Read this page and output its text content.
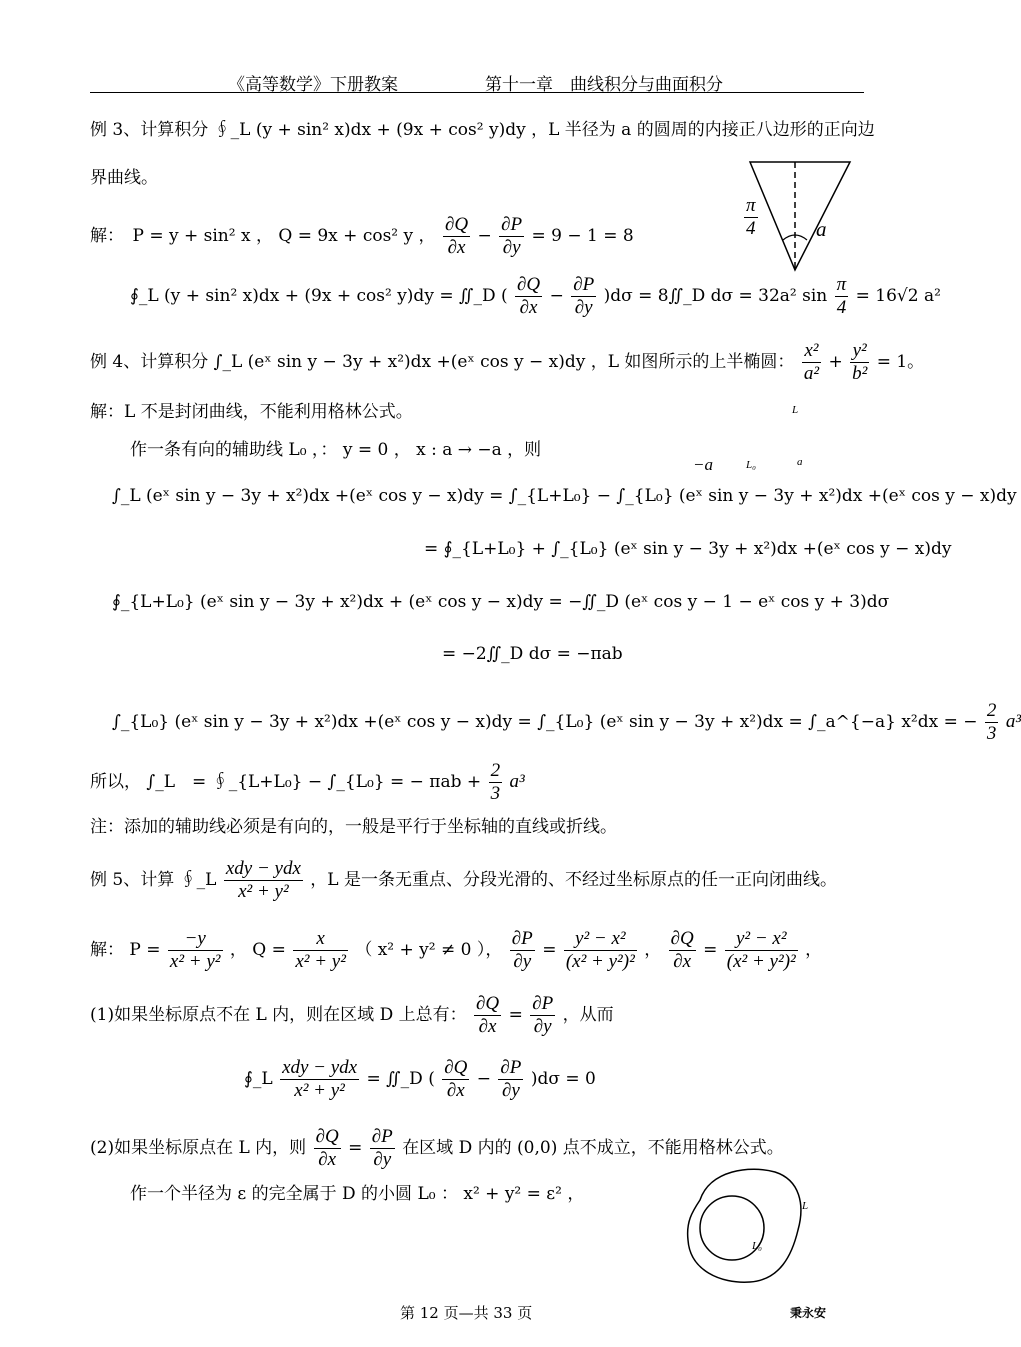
《高等数学》下册教案	第十一章　曲线积分与曲面积分
例 3、计算积分 ∮_L (y + sin² x)dx + (9x + cos² y)dy ，L 半径为 a 的圆周的内接正八边形的正向边
界曲线。
解：　P = y + sin² x ， Q = 9x + cos² y ， $\frac{\partial Q}{\partial x} - \frac{\partial P}{\partial y} = 9 - 1 = 8$
∮_L (y + sin² x)dx + (9x + cos² y)dy = ∬_D ( $\frac{\partial Q}{\partial x} - \frac{\partial P}{\partial y} )d\sigma$ = 8∬_D dσ = 32a² $\sin \frac{\pi}{4} = 16√2$ a²
$\frac{\pi}{4}$	a
例 4、计算积分 ∫_L (eˣ sin y − 3y + x²)dx +(eˣ cos y − x)dy ，L 如图所示的上半椭圆： $\frac{\text{x²}}{\text{a²}} + \frac{\text{y²}}{\text{b²}} = 1$。
解：L 不是封闭曲线，不能利用格林公式。
作一条有向的辅助线 L₀ ，： y = 0 ， x : a → −a ，则
L
−a	L₀	a
∫_L (eˣ sin y − 3y + x²)dx +(eˣ cos y − x)dy = ∫_{L+L₀} − ∫_{L₀} (eˣ sin y − 3y + x²)dx +(eˣ cos y − x)dy
= ∮_{L+L₀} + ∫_{L₀} (eˣ sin y − 3y + x²)dx +(eˣ cos y − x)dy
∮_{L+L₀} (eˣ sin y − 3y + x²)dx + (eˣ cos y − x)dy = −∬_D (eˣ cos y − 1 − eˣ cos y + 3)dσ
= −2∬_D dσ = −πab
∫_{L₀} (eˣ sin y − 3y + x²)dx +(eˣ cos y − x)dy = ∫_{L₀} (eˣ sin y − 3y + x²)dx = ∫_a^{−a} x²dx = − $\frac{2}{3} a^3$
所以， ∫_L　= ∮_{L+L₀} − ∫_{L₀} = − $\pi ab + \frac{2}{3} a^3$
注：添加的辅助线必须是有向的，一般是平行于坐标轴的直线或折线。
例 5、计算 ∮_L $\frac{\text{xdy − ydx}}{\text{x² + y²}}$ ，L 是一条无重点、分段光滑的、不经过坐标原点的任一正向闭曲线。
解： $P = \frac{-y}{\text{x² + y²}}$ ， $Q = \frac{x}{\text{x² + y²}}$ （ x² + y² ≠ 0 ）， $\frac{\partial P}{\partial y} = \frac{\text{y² − x²}}{\text{(x² + y²)²}}$ ， $\frac{\partial Q}{\partial x} = \frac{\text{y² − x²}}{\text{(x² + y²)²}}$ ，
(1)如果坐标原点不在 L 内，则在区域 D 上总有： $\frac{\partial Q}{\partial x} = \frac{\partial P}{\partial y}$ ，从而
∮_L $\frac{\text{xdy − ydx}}{\text{x² + y²}}$ = ∬_D ( $\frac{\partial Q}{\partial x} - \frac{\partial P}{\partial y} )d\sigma = 0$
(2)如果坐标原点在 L 内，则 $\frac{\partial Q}{\partial x} = \frac{\partial P}{\partial y}$ 在区域 D 内的 (0,0) 点不成立，不能用格林公式。
作一个半径为 ε 的完全属于 D 的小圆 L₀ ： x² + y² = ε² ，
L
L₀
第 12 页—共 33 页	秉永安
